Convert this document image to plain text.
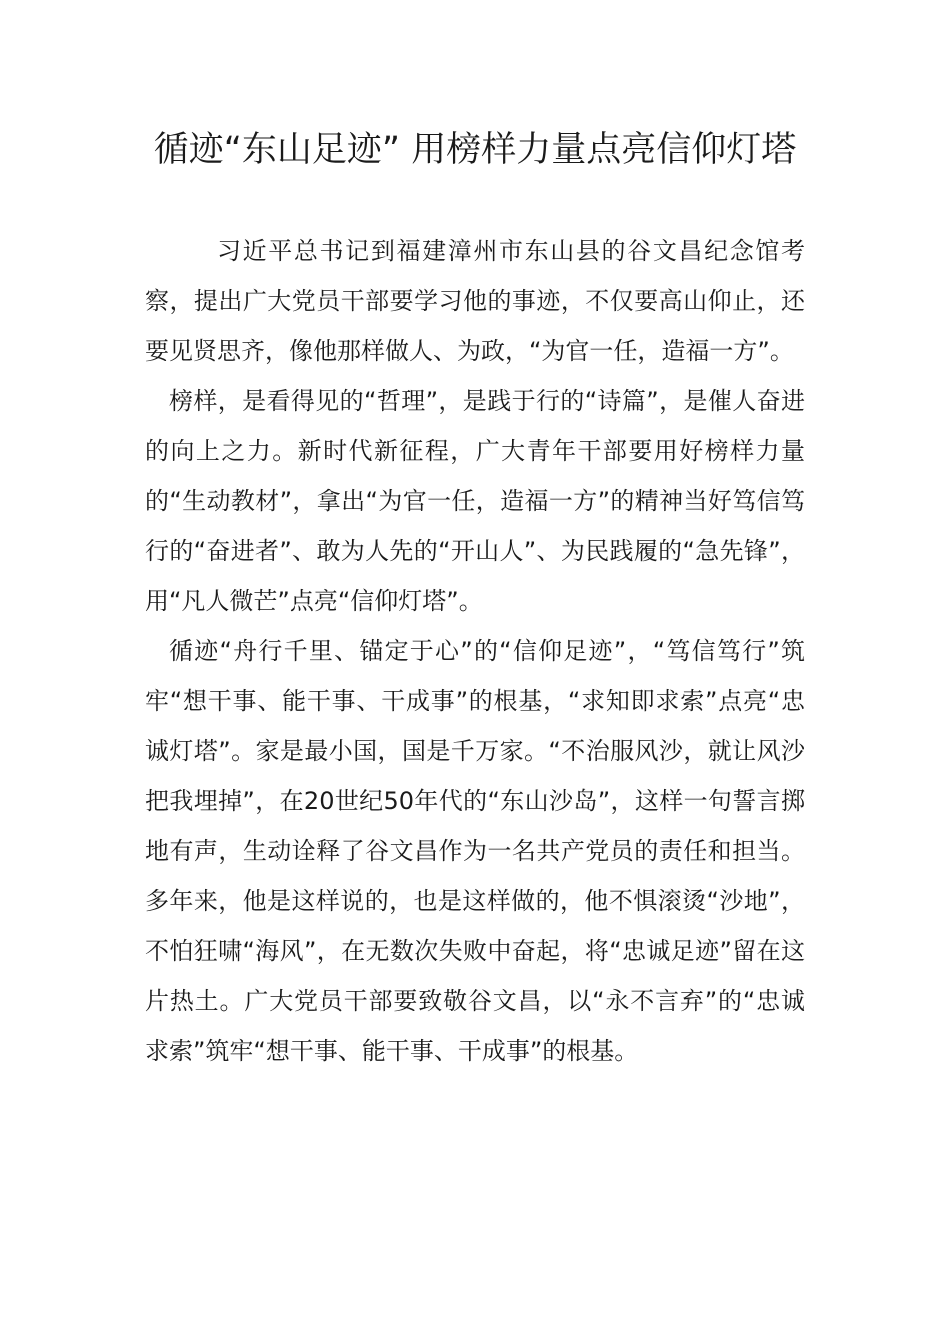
循迹“东山足迹” 用榜样力量点亮信仰灯塔

习近平总书记到福建漳州市东山县的谷文昌纪念馆考察，提出广大党员干部要学习他的事迹，不仅要高山仰止，还要见贤思齐，像他那样做人、为政，“为官一任，造福一方”。

榜样，是看得见的“哲理”，是践于行的“诗篇”，是催人奋进的向上之力。新时代新征程，广大青年干部要用好榜样力量的“生动教材”，拿出“为官一任，造福一方”的精神当好笃信笃行的“奋进者”、敢为人先的“开山人”、为民践履的“急先锋”，用“凡人微芒”点亮“信仰灯塔”。

循迹“舟行千里、锚定于心”的“信仰足迹”，“笃信笃行”筑牢“想干事、能干事、干成事”的根基，“求知即求索”点亮“忠诚灯塔”。家是最小国，国是千万家。“不治服风沙，就让风沙把我埋掉”，在20世纪50年代的“东山沙岛”，这样一句誓言掷地有声，生动诠释了谷文昌作为一名共产党员的责任和担当。多年来，他是这样说的，也是这样做的，他不惧滚烫“沙地”，不怕狂啸“海风”，在无数次失败中奋起，将“忠诚足迹”留在这片热土。广大党员干部要致敬谷文昌，以“永不言弃”的“忠诚求索”筑牢“想干事、能干事、干成事”的根基。
